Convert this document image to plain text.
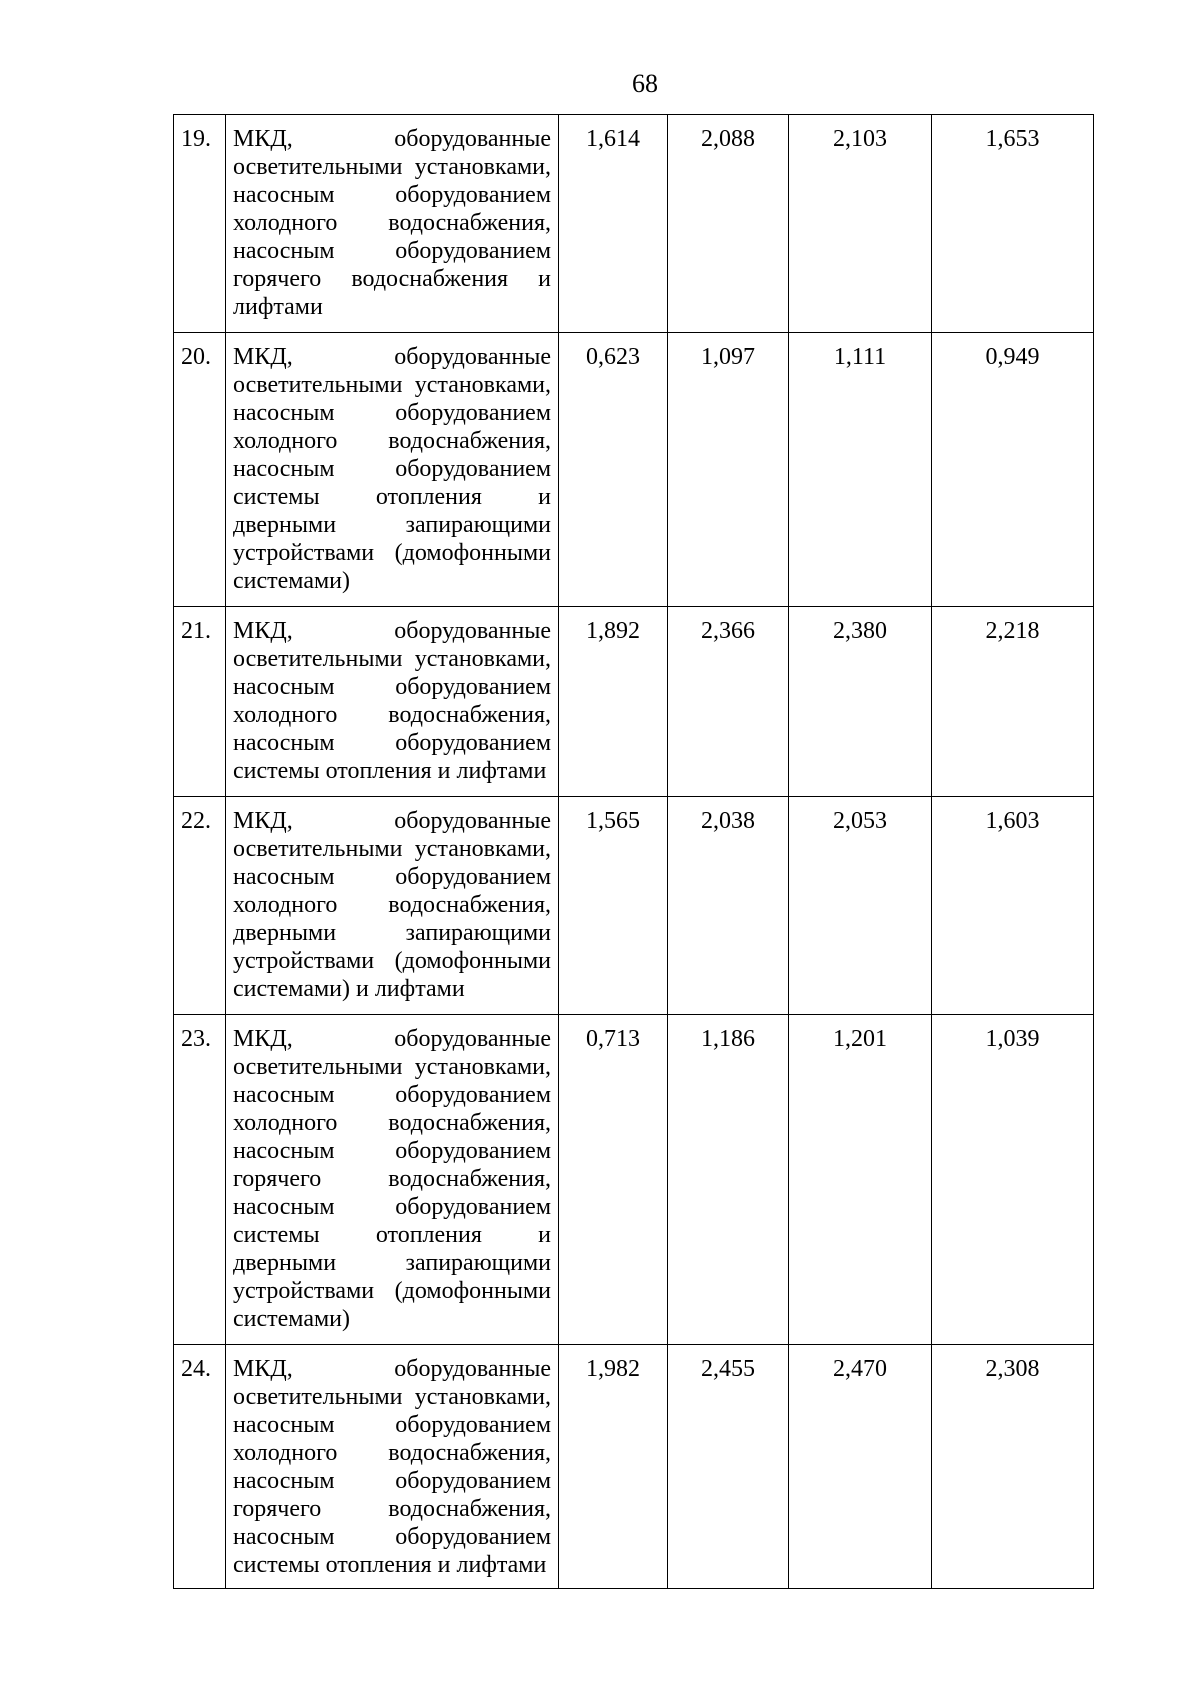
68
19.	МКД, оборудованные осветительными установками, насосным оборудованием холодного водоснабжения, насосным оборудованием горячего водоснабжения и лифтами	1,614	2,088	2,103	1,653
20.	МКД, оборудованные осветительными установками, насосным оборудованием холодного водоснабжения, насосным оборудованием системы отопления и дверными запирающими устройствами (домофонными системами)	0,623	1,097	1,111	0,949
21.	МКД, оборудованные осветительными установками, насосным оборудованием холодного водоснабжения, насосным оборудованием системы отопления и лифтами	1,892	2,366	2,380	2,218
22.	МКД, оборудованные осветительными установками, насосным оборудованием холодного водоснабжения, дверными запирающими устройствами (домофонными системами) и лифтами	1,565	2,038	2,053	1,603
23.	МКД, оборудованные осветительными установками, насосным оборудованием холодного водоснабжения, насосным оборудованием горячего водоснабжения, насосным оборудованием системы отопления и дверными запирающими устройствами (домофонными системами)	0,713	1,186	1,201	1,039
24.	МКД, оборудованные осветительными установками, насосным оборудованием холодного водоснабжения, насосным оборудованием горячего водоснабжения, насосным оборудованием системы отопления и лифтами	1,982	2,455	2,470	2,308
